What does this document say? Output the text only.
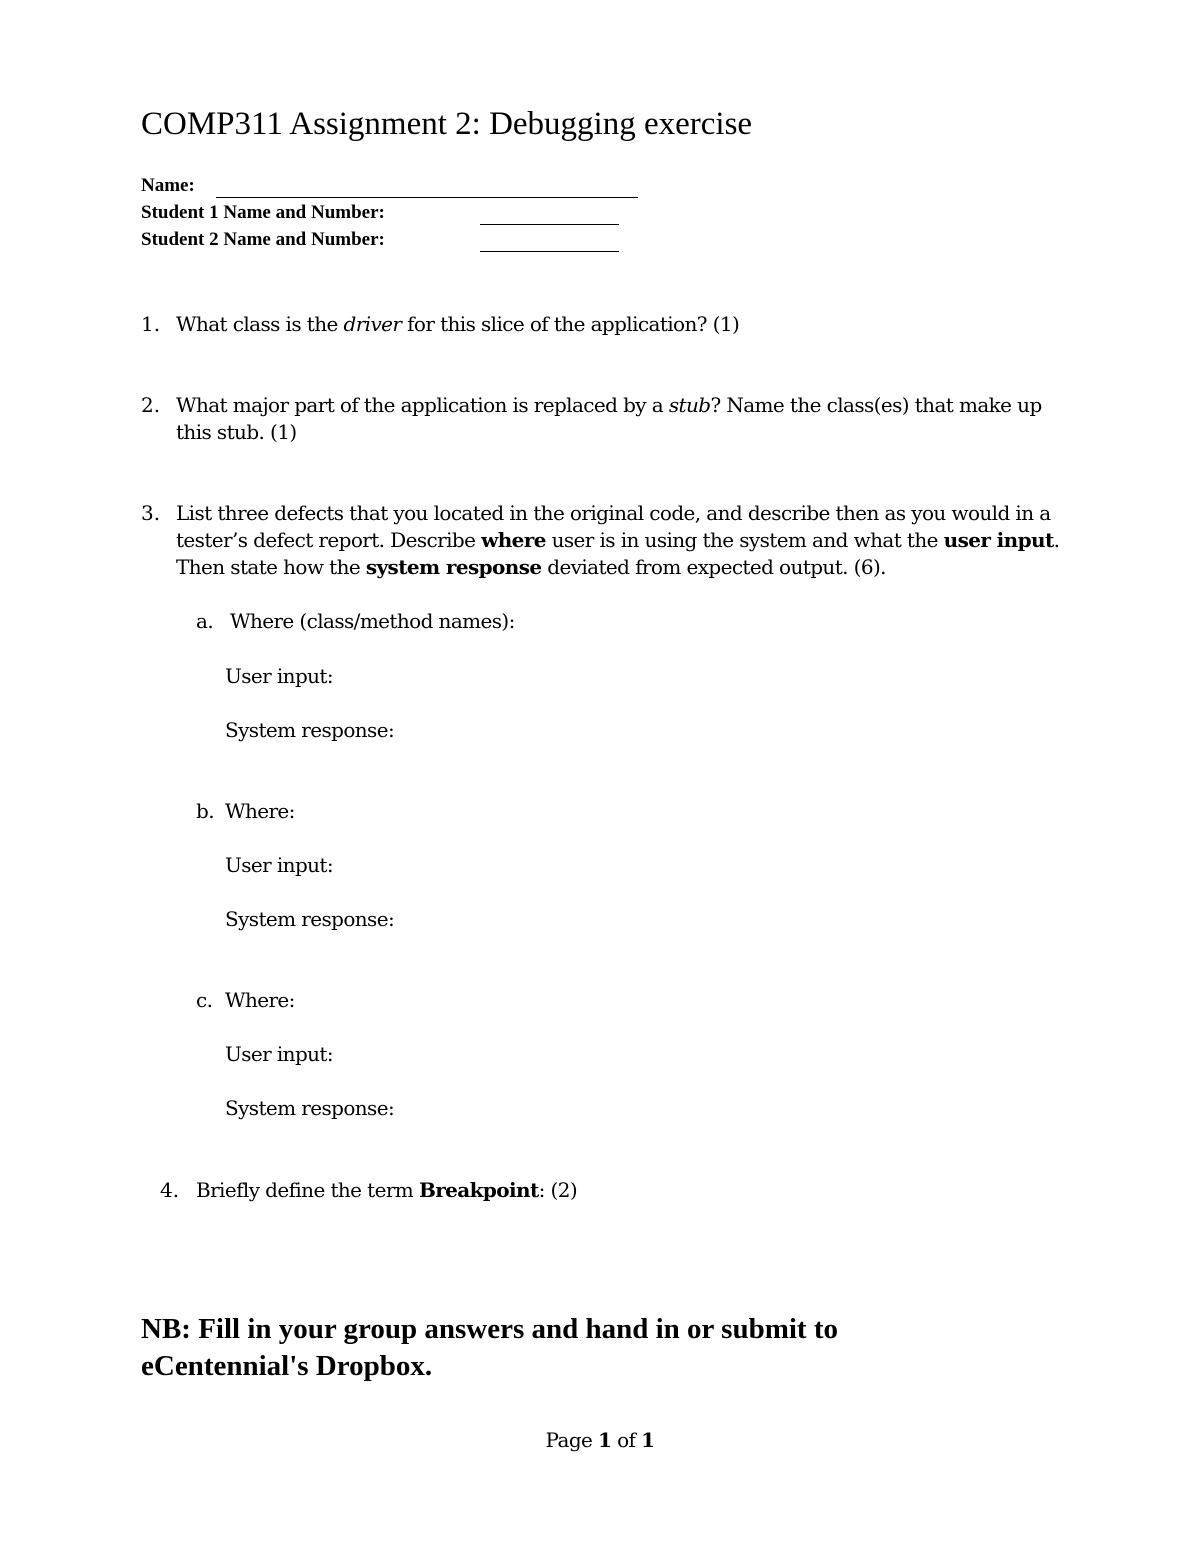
COMP311 Assignment 2: Debugging exercise
Name:
Student 1 Name and Number:
Student 2 Name and Number:
1. What class is the driver for this slice of the application? (1)
2. What major part of the application is replaced by a stub? Name the class(es) that make up
this stub. (1)
3. List three defects that you located in the original code, and describe then as you would in a
tester’s defect report. Describe where user is in using the system and what the user input.
Then state how the system response deviated from expected output. (6).
a. Where (class/method names):
User input:
System response:
b. Where:
User input:
System response:
c. Where:
User input:
System response:
4. Briefly define the term Breakpoint: (2)
NB: Fill in your group answers and hand in or submit to
eCentennial's Dropbox.
Page 1 of 1
